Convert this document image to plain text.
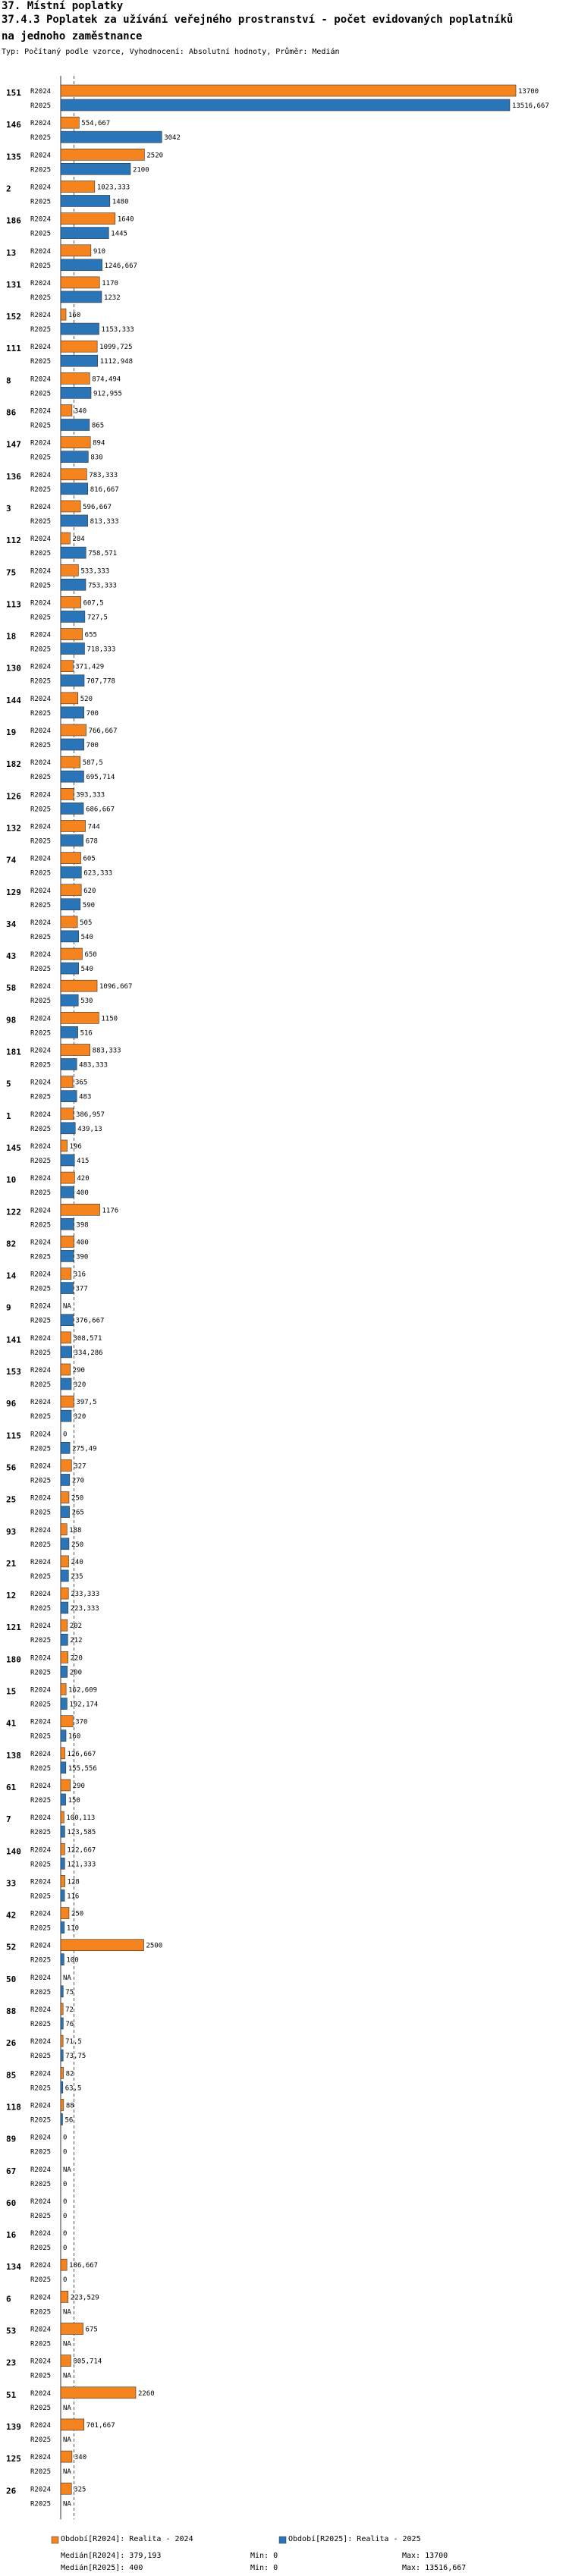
37. Místní poplatky
37.4.3 Poplatek za užívání veřejného prostranství - počet evidovaných poplatníků
na jednoho zaměstnance
Typ: Počítaný podle vzorce, Vyhodnocení: Absolutní hodnoty, Průměr: Medián
151 R2024	13700
R2025	13516,667
146 R2024	554,667
R2025	3042
135 R2024	2520
R2025	2100
2	R2024	1023,333
R2025	1480
186 R2024	1640
R2025	1445
13 R2024	910
R2025	1246,667
131 R2024	1170
R2025	1232
152 R2024	160
R2025	1153,333
111 R2024	1099,725
R2025	1112,948
8	R2024	874,494
R2025	912,955
86 R2024	340
R2025	865
147 R2024	894
R2025	830
136 R2024	783,333
R2025	816,667
3	R2024	596,667
R2025	813,333
112 R2024	284
R2025	758,571
75 R2024	533,333
R2025	753,333
113 R2024	607,5
R2025	727,5
18 R2024	655
R2025	718,333
130 R2024	371,429
R2025	707,778
144 R2024	520
R2025	700
19 R2024	766,667
R2025	700
182 R2024	587,5
R2025	695,714
126 R2024	393,333
R2025	686,667
132 R2024	744
R2025	678
74 R2024	605
R2025	623,333
129 R2024	620
R2025	590
34 R2024	505
R2025	540
43 R2024	650
R2025	540
58 R2024	1096,667
R2025	530
98 R2024	1150
R2025	516
181 R2024	883,333
R2025	483,333
5	R2024	365
R2025	483
1	R2024	386,957
R2025	439,13
145 R2024	196
R2025	415
10 R2024	420
R2025	400
122 R2024	1176
R2025	398
82 R2024	400
R2025	390
14 R2024	316
R2025	377
9	R2024 NA
R2025	376,667
141 R2024	308,571
R2025	334,286
153 R2024	290
R2025	320
96 R2024	397,5
R2025	320
115 R2024 0
R2025	275,49
56 R2024	327
R2025	270
25 R2024	250
R2025	265
93 R2024	188
R2025	250
21 R2024	240
R2025	235
12 R2024	233,333
R2025	223,333
121 R2024	202
R2025	212
180 R2024	220
R2025	200
15 R2024	162,609
R2025	192,174
41 R2024	370
R2025	160
138 R2024 126,667
R2025	155,556
61 R2024	290
R2025 150
7	R2024 100,113
R2025 123,585
140 R2024 122,667
R2025 121,333
33 R2024 128
R2025 116
42 R2024	250
R2025 110
52 R2024	2500
R2025 100
50 R2024 NA
R2025 75
88 R2024 72
R2025 76
26 R2024 71,5
R2025 73,75
85 R2024 82
R2025 63,5
118 R2024 88
R2025 56
89 R2024 0
R2025 0
67 R2024 NA
R2025 0
60 R2024 0
R2025 0
16 R2024 0
R2025 0
134 R2024	186,667
R2025 0
6	R2024	223,529
R2025 NA
53 R2024	675
R2025 NA
23 R2024	305,714
R2025 NA
51 R2024	2260
R2025 NA
139 R2024	701,667
R2025 NA
125 R2024	340
R2025 NA
26 R2024	325
R2025 NA
Období[R2024]: Realita - 2024	Období[R2025]: Realita - 2025
Medián[R2024]: 379,193	Min: 0	Max: 13700
Medián[R2025]: 400	Min: 0	Max: 13516,667
